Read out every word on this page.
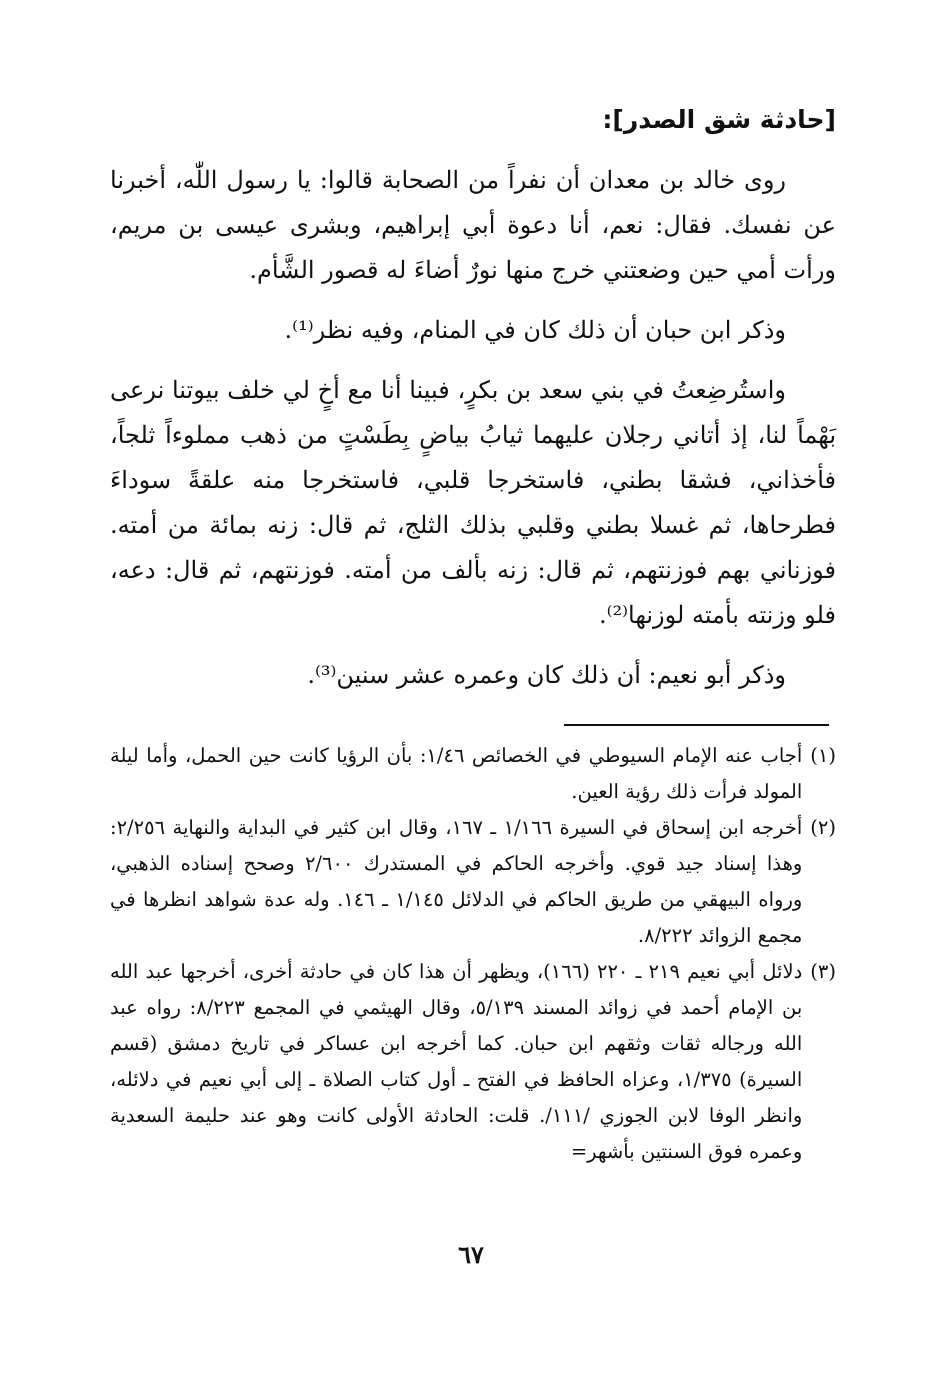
[حادثة شق الصدر]:

روى خالد بن معدان أن نفراً من الصحابة قالوا: يا رسول اللّٰه، أخبرنا عن نفسك. فقال: نعم، أنا دعوة أبي إبراهيم، وبشرى عيسى بن مريم، ورأت أمي حين وضعتني خرج منها نورٌ أضاءَ له قصور الشَّأم.

وذكر ابن حبان أن ذلك كان في المنام، وفيه نظر⁽¹⁾.

واستُرضِعتُ في بني سعد بن بكرٍ، فبينا أنا مع أخٍ لي خلف بيوتنا نرعى بَهْماً لنا، إذ أتاني رجلان عليهما ثيابُ بياضٍ بِطَسْتٍ من ذهب مملوءاً ثلجاً، فأخذاني، فشقا بطني، فاستخرجا قلبي، فاستخرجا منه علقةً سوداءَ فطرحاها، ثم غسلا بطني وقلبي بذلك الثلج، ثم قال: زنه بمائة من أمته. فوزناني بهم فوزنتهم، ثم قال: زنه بألف من أمته. فوزنتهم، ثم قال: دعه، فلو وزنته بأمته لوزنها⁽²⁾.

وذكر أبو نعيم: أن ذلك كان وعمره عشر سنين⁽³⁾.

(١)
أجاب عنه الإمام السيوطي في الخصائص ١/٤٦: بأن الرؤيا كانت حين الحمل، وأما ليلة المولد فرأت ذلك رؤية العين.
(٢)
أخرجه ابن إسحاق في السيرة ١/١٦٦ ـ ١٦٧، وقال ابن كثير في البداية والنهاية ٢/٢٥٦: وهذا إسناد جيد قوي. وأخرجه الحاكم في المستدرك ٢/٦٠٠ وصحح إسناده الذهبي، ورواه البيهقي من طريق الحاكم في الدلائل ١/١٤٥ ـ ١٤٦. وله عدة شواهد انظرها في مجمع الزوائد ٨/٢٢٢.
(٣)
دلائل أبي نعيم ٢١٩ ـ ٢٢٠ (١٦٦)، ويظهر أن هذا كان في حادثة أخرى، أخرجها عبد الله بن الإمام أحمد في زوائد المسند ٥/١٣٩، وقال الهيثمي في المجمع ٨/٢٢٣: رواه عبد الله ورجاله ثقات وثقهم ابن حبان. كما أخرجه ابن عساكر في تاريخ دمشق (قسم السيرة) ١/٣٧٥، وعزاه الحافظ في الفتح ـ أول كتاب الصلاة ـ إلى أبي نعيم في دلائله، وانظر الوفا لابن الجوزي /١١١/. قلت: الحادثة الأولى كانت وهو عند حليمة السعدية وعمره فوق السنتين بأشهر=
٦٧
